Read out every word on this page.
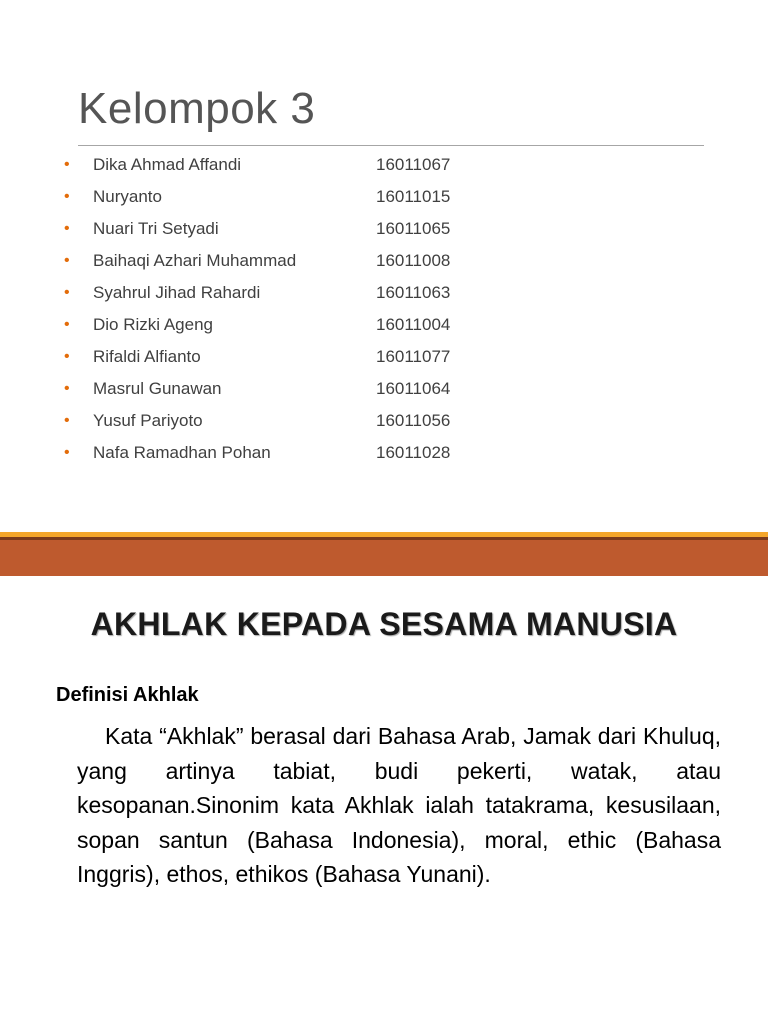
Kelompok 3
• Dika Ahmad Affandi	16011067
• Nuryanto	16011015
• Nuari Tri Setyadi	16011065
• Baihaqi Azhari Muhammad	16011008
• Syahrul Jihad Rahardi	16011063
• Dio Rizki Ageng	16011004
• Rifaldi Alfianto	16011077
• Masrul Gunawan	16011064
• Yusuf Pariyoto	16011056
• Nafa Ramadhan Pohan	16011028
AKHLAK KEPADA SESAMA MANUSIA
Definisi Akhlak

Kata “Akhlak” berasal dari Bahasa Arab, Jamak dari Khuluq, yang artinya tabiat, budi pekerti, watak, atau kesopanan.Sinonim kata Akhlak ialah tatakrama, kesusilaan, sopan santun (Bahasa Indonesia), moral, ethic (Bahasa Inggris), ethos, ethikos (Bahasa Yunani).
